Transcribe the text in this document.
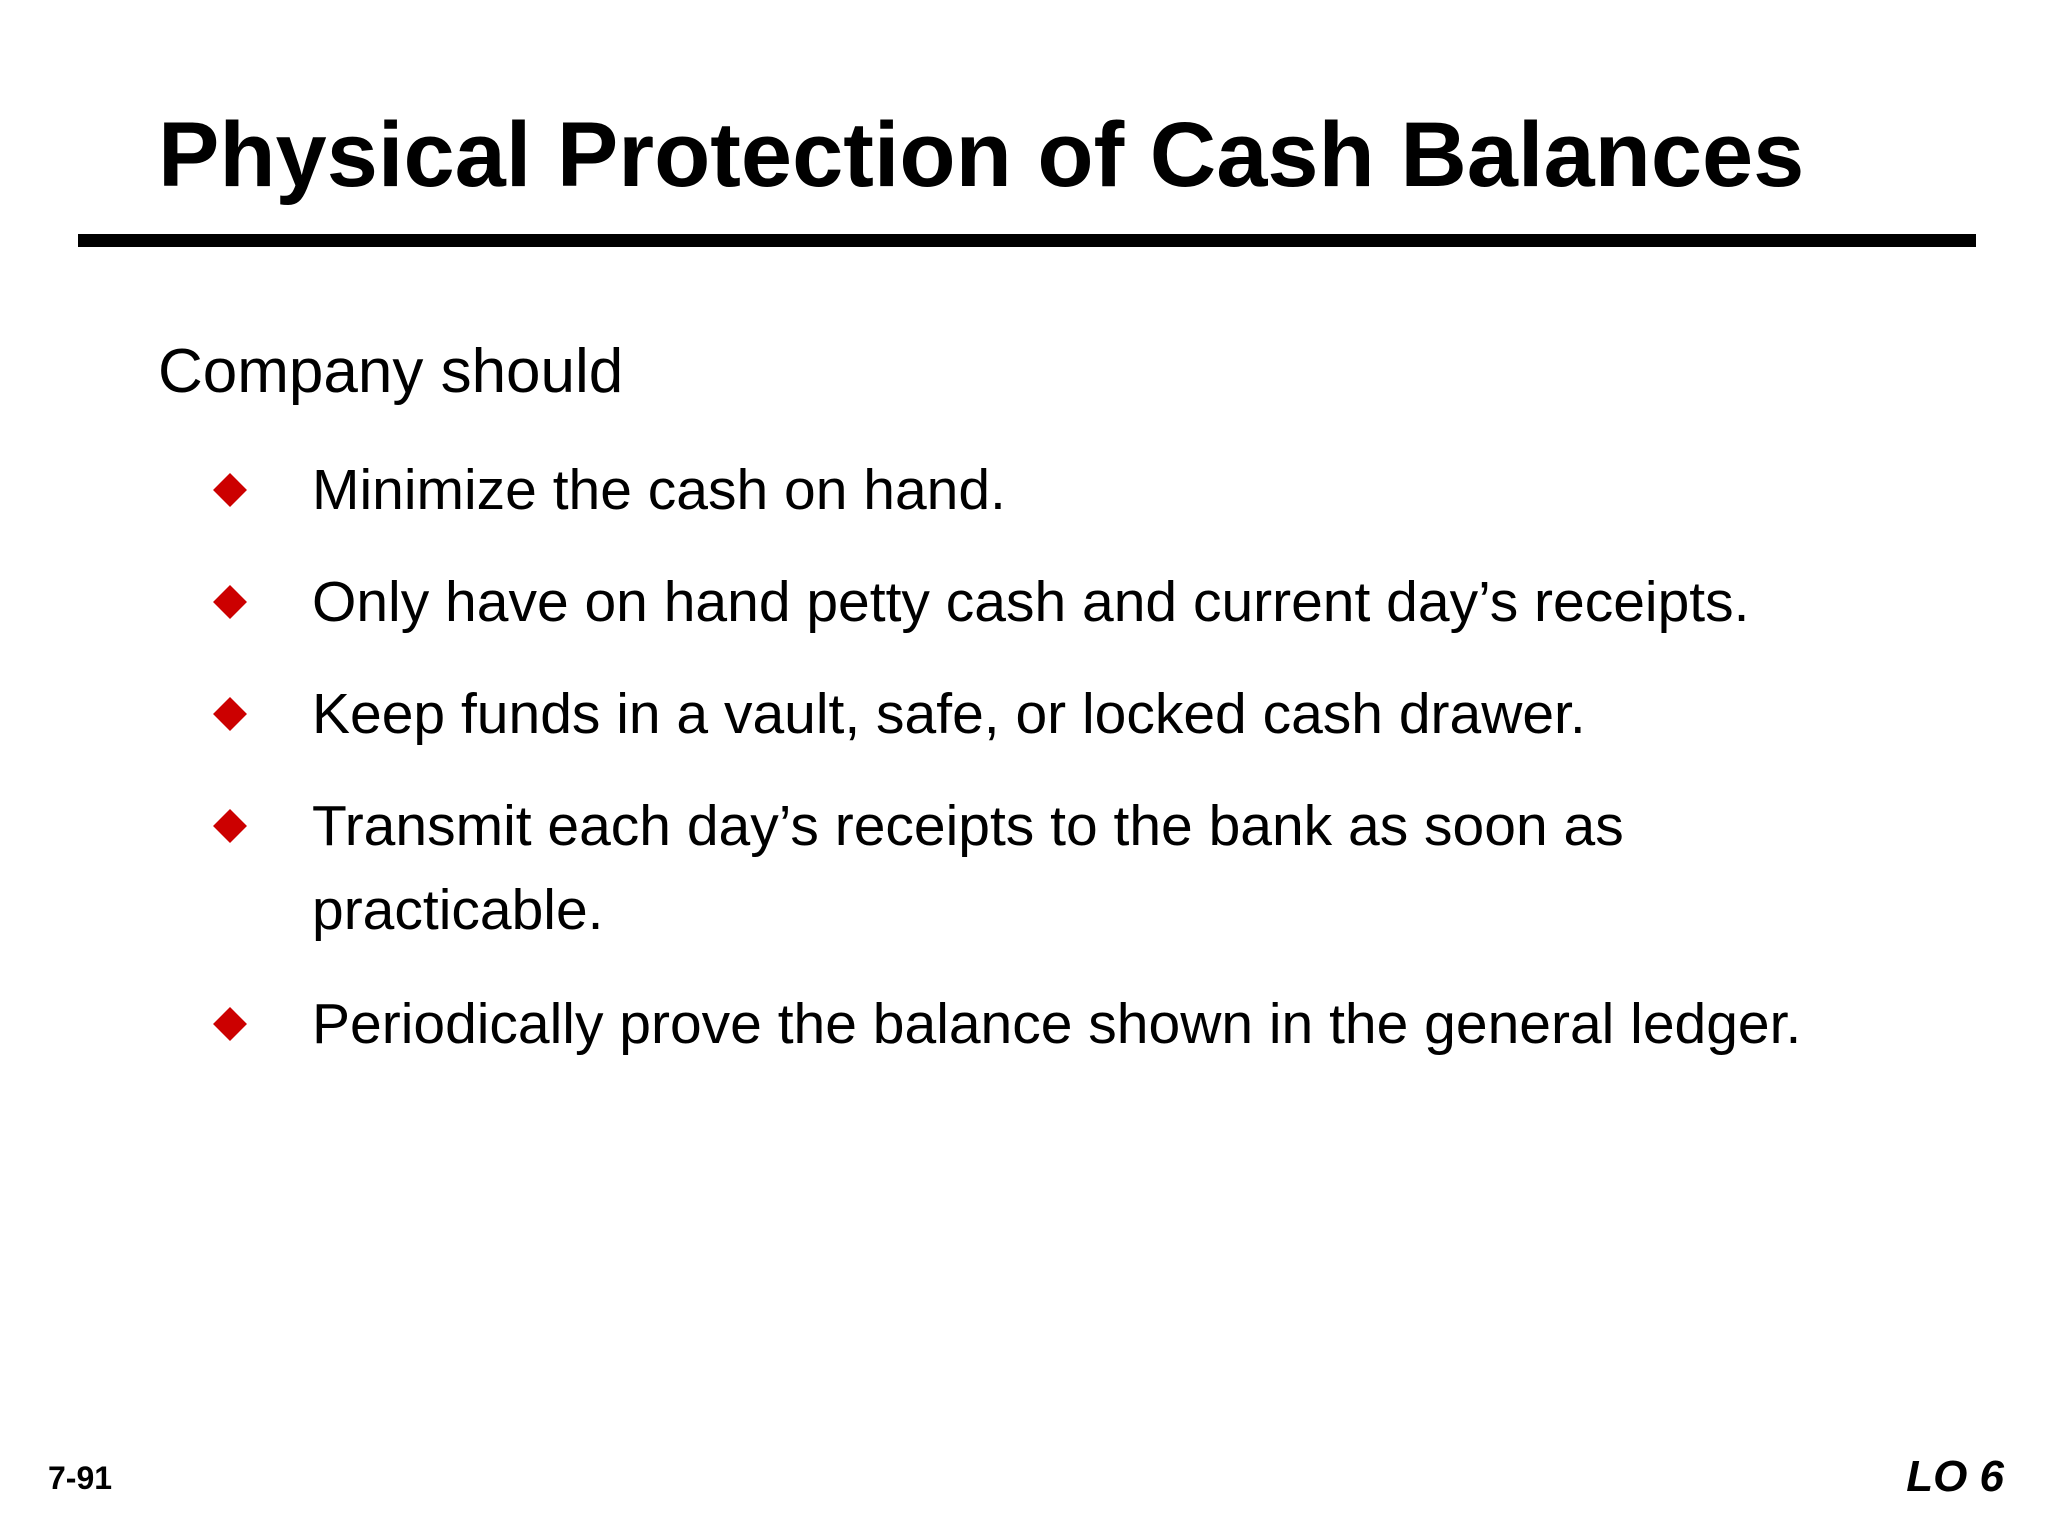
Physical Protection of Cash Balances
Company should
Minimize the cash on hand.
Only have on hand petty cash and current day’s receipts.
Keep funds in a vault, safe, or locked cash drawer.
Transmit each day’s receipts to the bank as soon as practicable.
Periodically prove the balance shown in the general ledger.
7-91	LO 6
